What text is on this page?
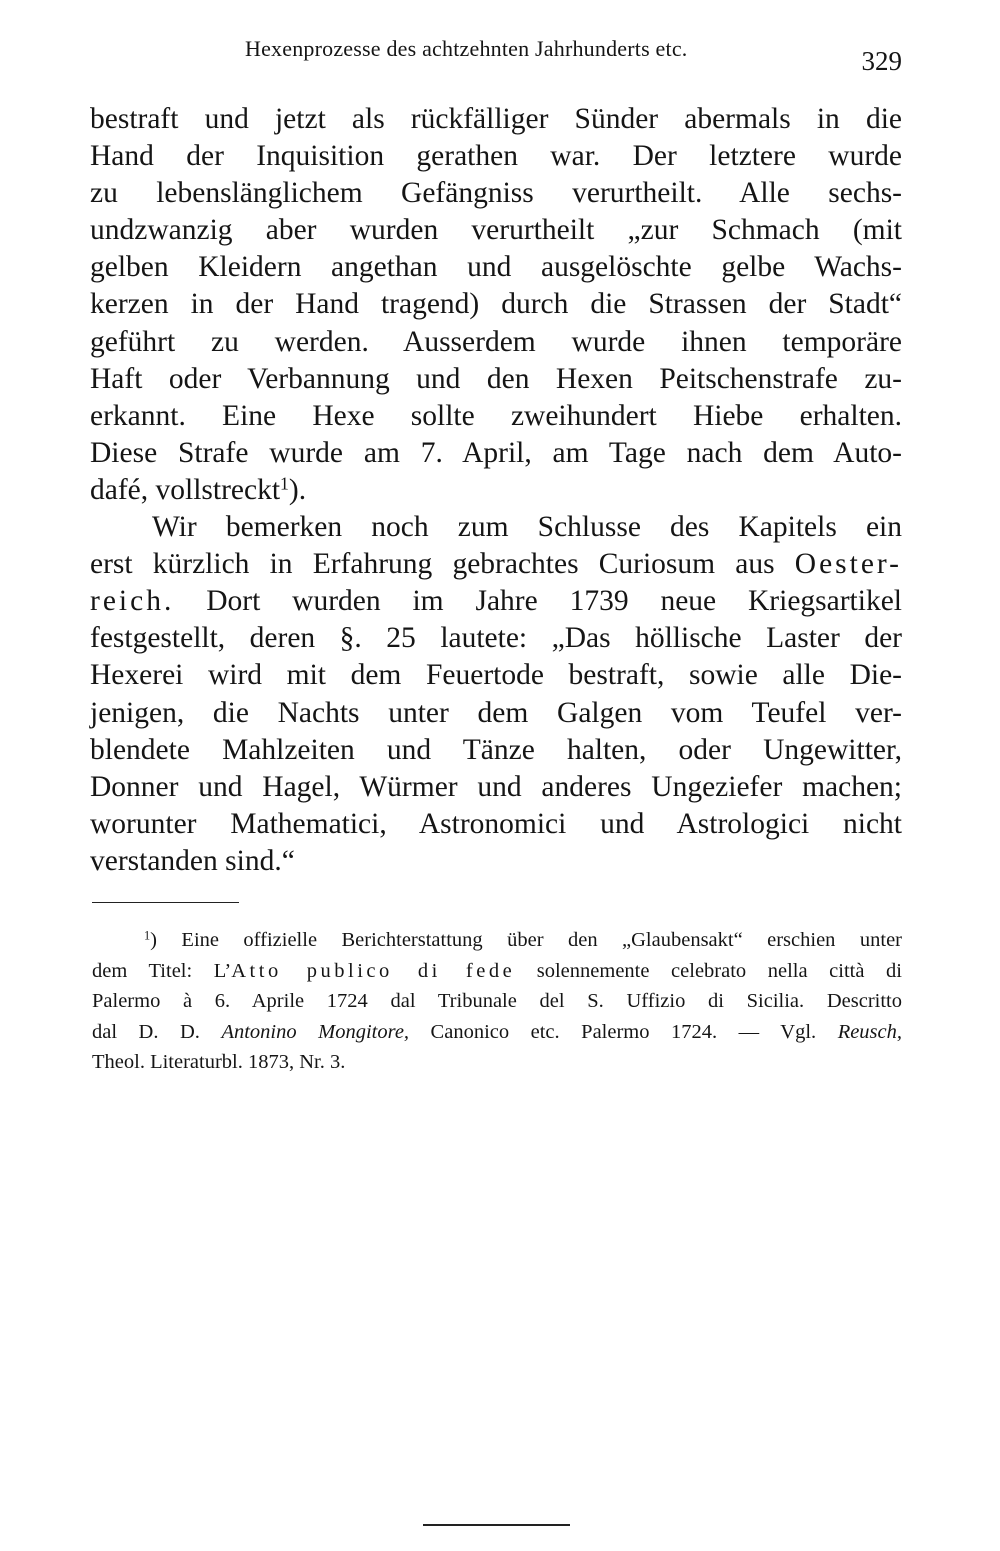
Hexenprozesse des achtzehnten Jahrhunderts etc.	329
bestraft und jetzt als rückfälliger Sünder abermals in die
Hand der Inquisition gerathen war. Der letztere wurde
zu lebenslänglichem Gefängniss verurtheilt. Alle sechs-
undzwanzig aber wurden verurtheilt „zur Schmach (mit
gelben Kleidern angethan und ausgelöschte gelbe Wachs-
kerzen in der Hand tragend) durch die Strassen der Stadt“
geführt zu werden. Ausserdem wurde ihnen temporäre
Haft oder Verbannung und den Hexen Peitschenstrafe zu-
erkannt. Eine Hexe sollte zweihundert Hiebe erhalten.
Diese Strafe wurde am 7. April, am Tage nach dem Auto-
dafé, vollstreckt$^1$).
Wir bemerken noch zum Schlusse des Kapitels ein
erst kürzlich in Erfahrung gebrachtes Curiosum aus Oester-
reich. Dort wurden im Jahre 1739 neue Kriegsartikel
festgestellt, deren §. 25 lautete: „Das höllische Laster der
Hexerei wird mit dem Feuertode bestraft, sowie alle Die-
jenigen, die Nachts unter dem Galgen vom Teufel ver-
blendete Mahlzeiten und Tänze halten, oder Ungewitter,
Donner und Hagel, Würmer und anderes Ungeziefer machen;
worunter Mathematici, Astronomici und Astrologici nicht
verstanden sind.“
$^1$) Eine offizielle Berichterstattung über den „Glaubensakt“ erschien unter
dem Titel: L’Atto publico di fede solennemente celebrato nella città di
Palermo à 6. Aprile 1724 dal Tribunale del S. Uffizio di Sicilia. Descritto
dal D. D. Antonino Mongitore, Canonico etc. Palermo 1724. — Vgl. Reusch,
Theol. Literaturbl. 1873, Nr. 3.
